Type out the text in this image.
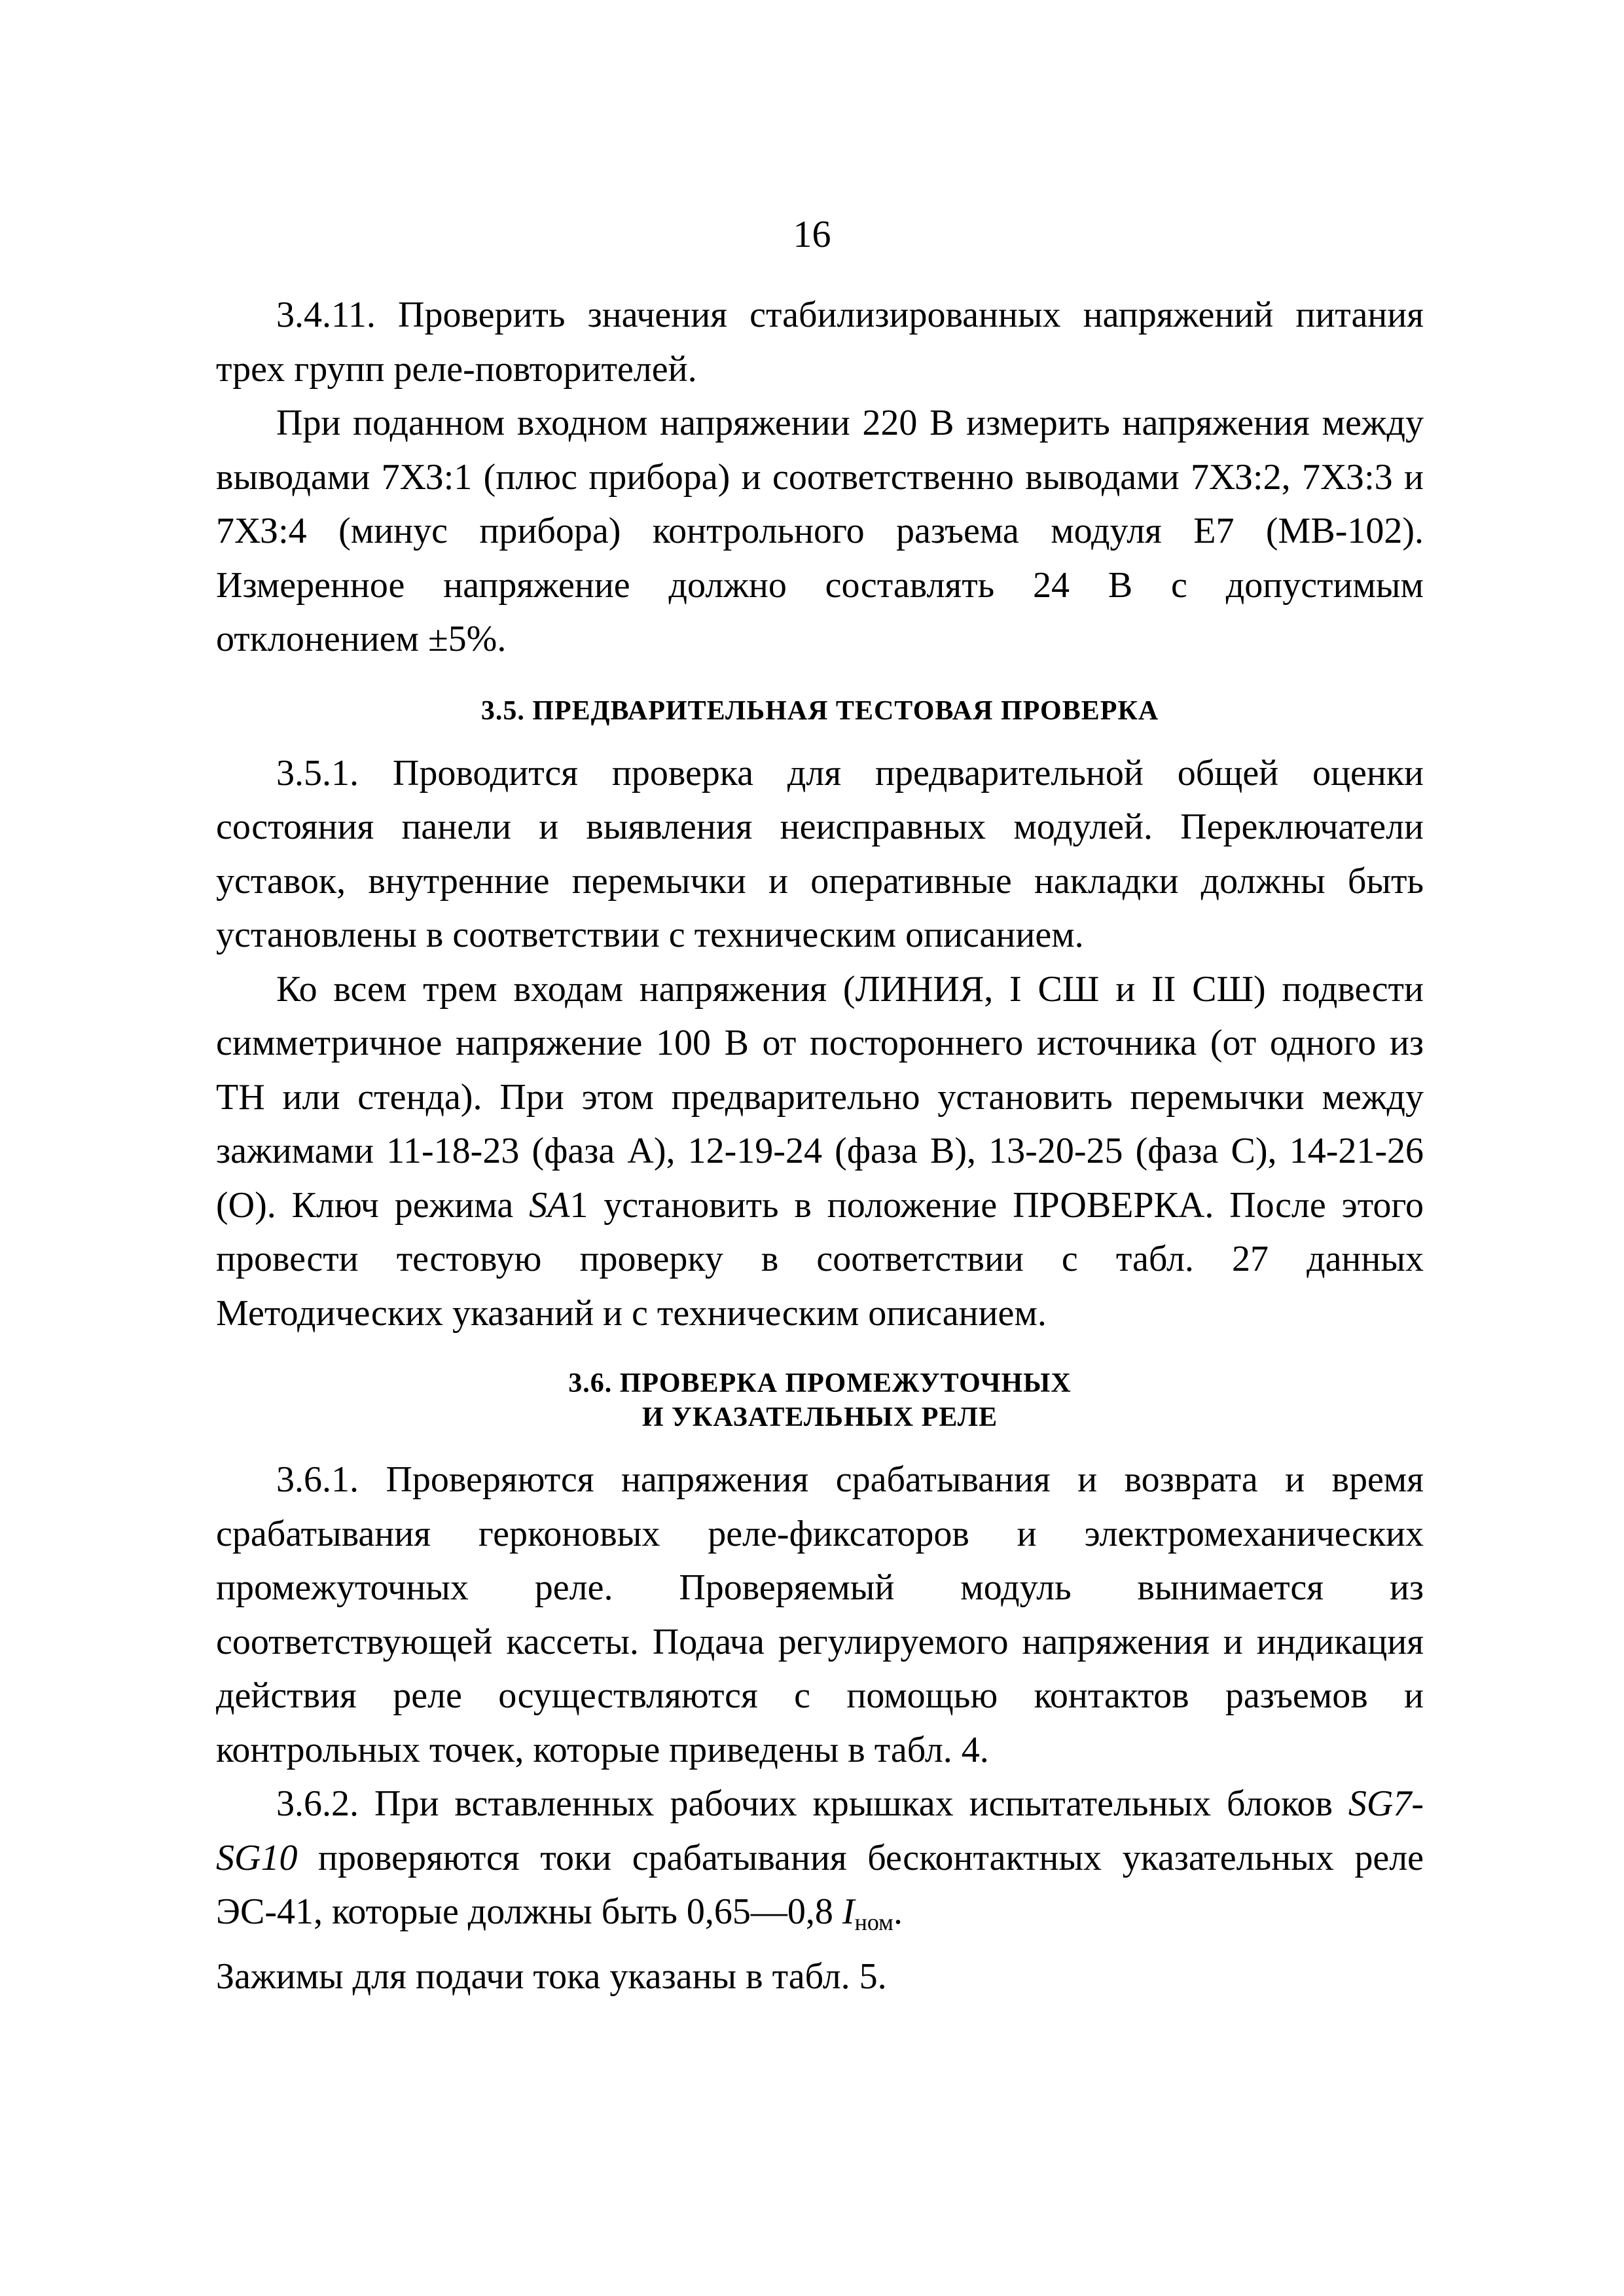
16

3.4.11. Проверить значения стабилизированных напряжений питания трех групп реле-повторителей.

При поданном входном напряжении 220 В измерить напряжения между выводами 7ХЗ:1 (плюс прибора) и соответственно выводами 7ХЗ:2, 7ХЗ:3 и 7ХЗ:4 (минус прибора) контрольного разъема модуля Е7 (МВ-102). Измеренное напряжение должно составлять 24 В с допустимым отклонением ±5%.

3.5. ПРЕДВАРИТЕЛЬНАЯ ТЕСТОВАЯ ПРОВЕРКА

3.5.1. Проводится проверка для предварительной общей оценки состояния панели и выявления неисправных модулей. Переключатели уставок, внутренние перемычки и оперативные накладки должны быть установлены в соответствии с техническим описанием.

Ко всем трем входам напряжения (ЛИНИЯ, I СШ и II СШ) подвести симметричное напряжение 100 В от постороннего источника (от одного из ТН или стенда). При этом предварительно установить перемычки между зажимами 11-18-23 (фаза А), 12-19-24 (фаза В), 13-20-25 (фаза С), 14-21-26 (О). Ключ режима SA1 установить в положение ПРОВЕРКА. После этого провести тестовую проверку в соответствии с табл. 27 данных Методических указаний и с техническим описанием.

3.6. ПРОВЕРКА ПРОМЕЖУТОЧНЫХ

И УКАЗАТЕЛЬНЫХ РЕЛЕ

3.6.1. Проверяются напряжения срабатывания и возврата и время срабатывания герконовых реле-фиксаторов и электромеханических промежуточных реле. Проверяемый модуль вынимается из соответствующей кассеты. Подача регулируемого напряжения и индикация действия реле осуществляются с помощью контактов разъемов и контрольных точек, которые приведены в табл. 4.

3.6.2. При вставленных рабочих крышках испытательных блоков SG7-SG10 проверяются токи срабатывания бесконтактных указательных реле ЭС-41, которые должны быть 0,65—0,8 $I_{ном}$.

Зажимы для подачи тока указаны в табл. 5.
